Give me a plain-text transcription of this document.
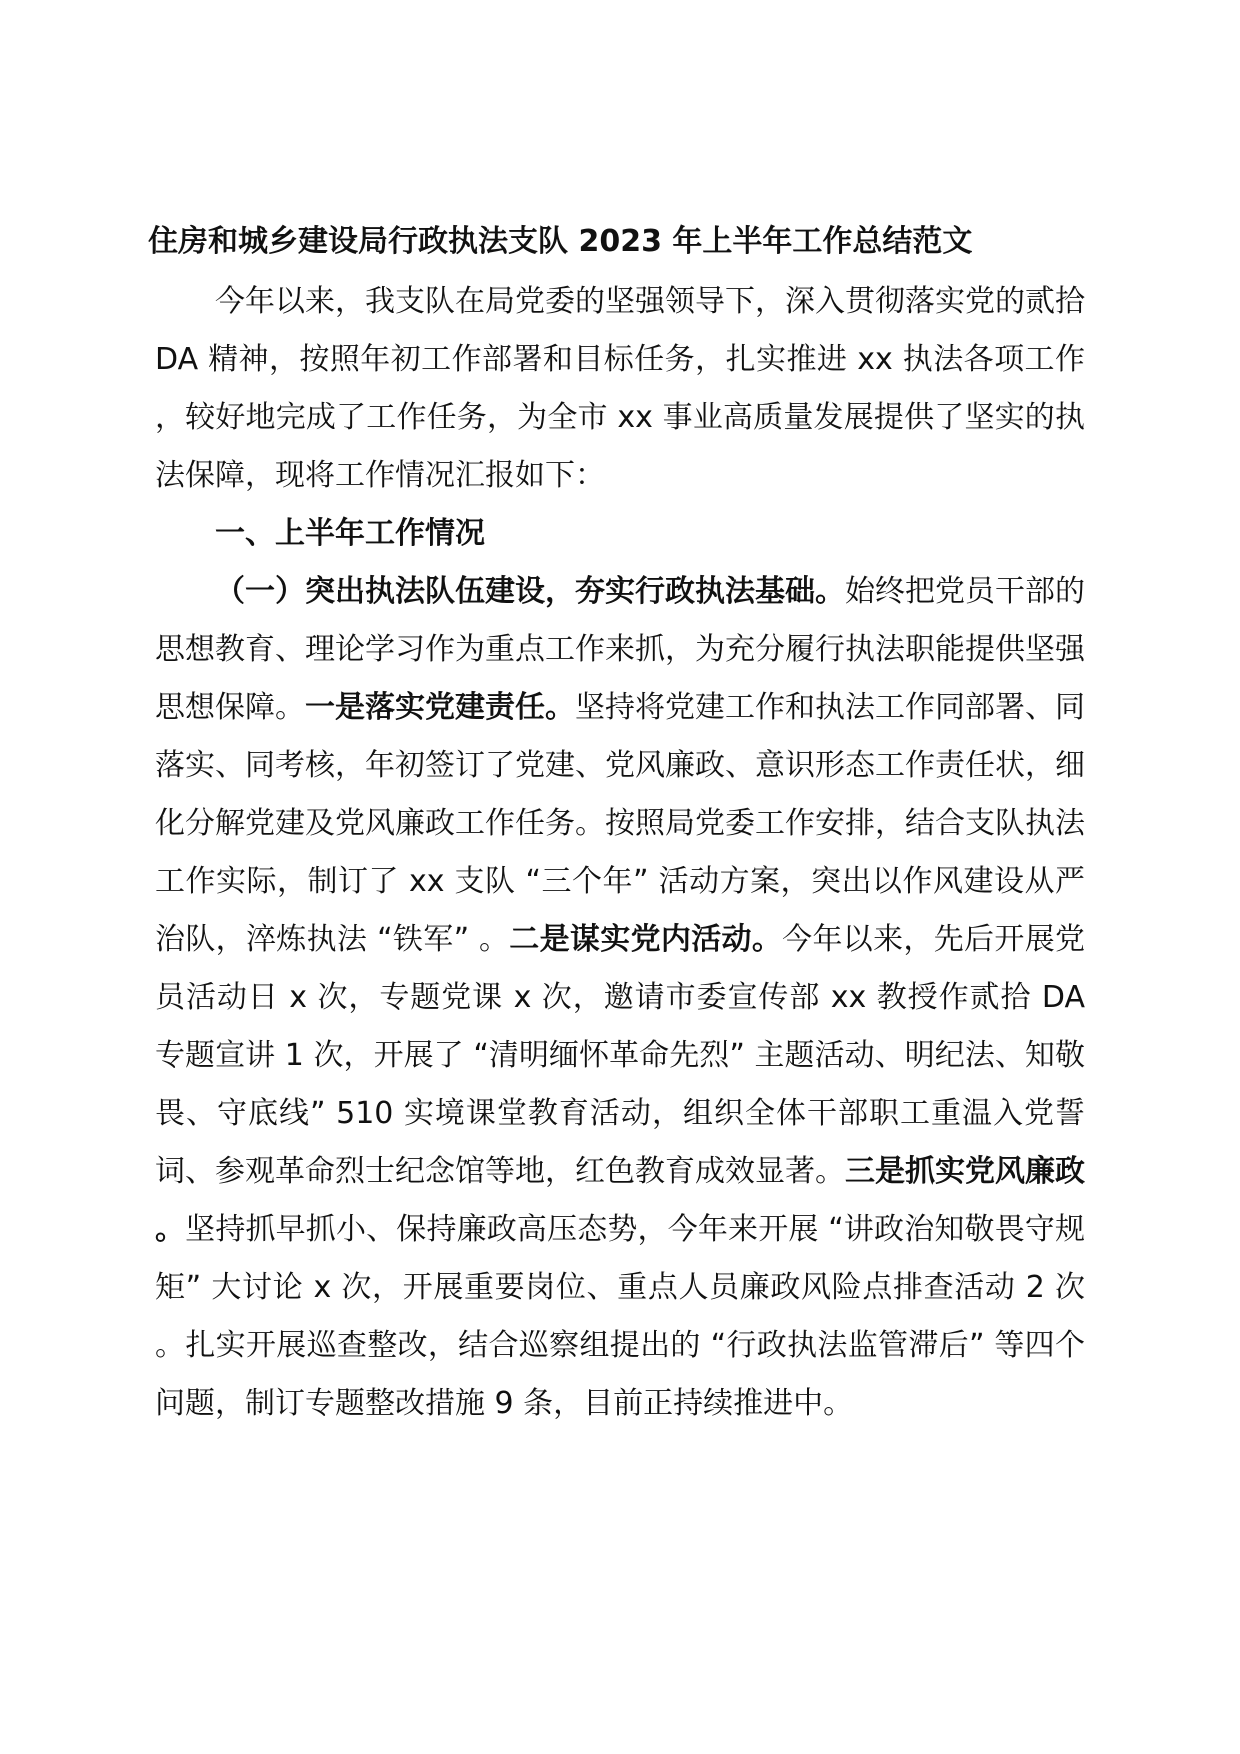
住房和城乡建设局行政执法支队 2023 年上半年工作总结范文

今年以来，我支队在局党委的坚强领导下，深入贯彻落实党的贰拾 DA 精神，按照年初工作部署和目标任务，扎实推进 xx 执法各项工作，较好地完成了工作任务，为全市 xx 事业高质量发展提供了坚实的执法保障，现将工作情况汇报如下：

一、上半年工作情况

（一）突出执法队伍建设，夯实行政执法基础。始终把党员干部的思想教育、理论学习作为重点工作来抓，为充分履行执法职能提供坚强思想保障。一是落实党建责任。坚持将党建工作和执法工作同部署、同落实、同考核，年初签订了党建、党风廉政、意识形态工作责任状，细化分解党建及党风廉政工作任务。按照局党委工作安排，结合支队执法工作实际，制订了 xx 支队 “三个年” 活动方案，突出以作风建设从严治队，淬炼执法 “铁军” 。二是谋实党内活动。今年以来，先后开展党员活动日 x 次，专题党课 x 次，邀请市委宣传部 xx 教授作贰拾 DA 专题宣讲 1 次，开展了 “清明缅怀革命先烈” 主题活动、明纪法、知敬畏、守底线” 510 实境课堂教育活动，组织全体干部职工重温入党誓词、参观革命烈士纪念馆等地，红色教育成效显著。三是抓实党风廉政。坚持抓早抓小、保持廉政高压态势，今年来开展 “讲政治知敬畏守规矩” 大讨论 x 次，开展重要岗位、重点人员廉政风险点排查活动 2 次。扎实开展巡查整改，结合巡察组提出的 “行政执法监管滞后” 等四个问题，制订专题整改措施 9 条，目前正持续推进中。
